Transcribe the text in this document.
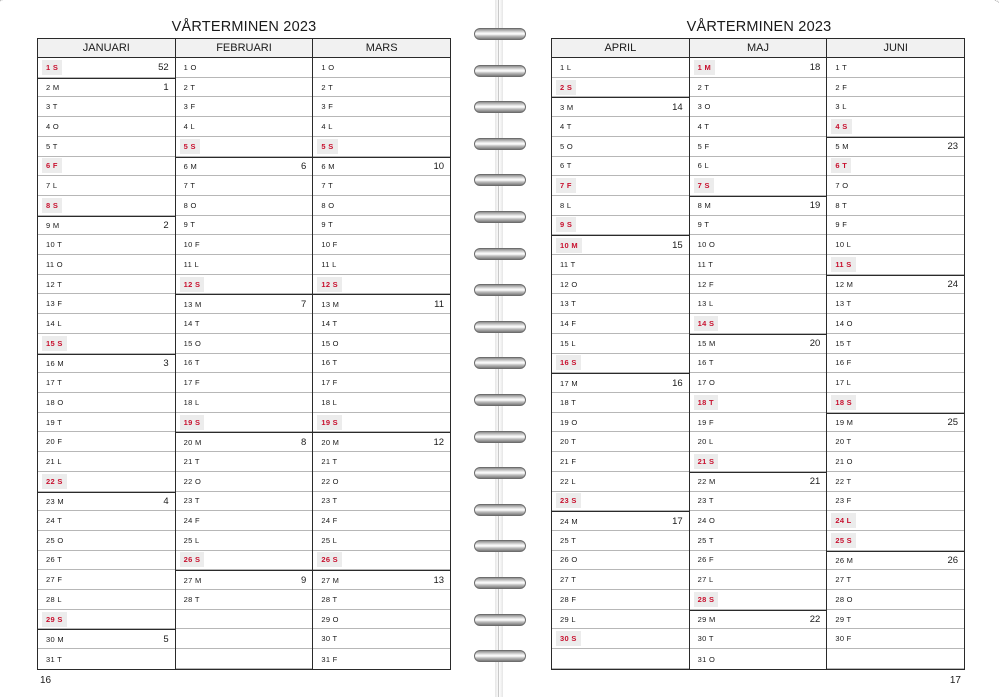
VÅRTERMINEN 2023
JANUARI
1 S	52
2 M	1
3 T
4 O
5 T
6 F
7 L
8 S
9 M	2
10 T
11 O
12 T
13 F
14 L
15 S
16 M	3
17 T
18 O
19 T
20 F
21 L
22 S
23 M	4
24 T
25 O
26 T
27 F
28 L
29 S
30 M	5
31 T
FEBRUARI
1 O
2 T
3 F
4 L
5 S
6 M	6
7 T
8 O
9 T
10 F
11 L
12 S
13 M	7
14 T
15 O
16 T
17 F
18 L
19 S
20 M	8
21 T
22 O
23 T
24 F
25 L
26 S
27 M	9
28 T
MARS
1 O
2 T
3 F
4 L
5 S
6 M	10
7 T
8 O
9 T
10 F
11 L
12 S
13 M	11
14 T
15 O
16 T
17 F
18 L
19 S
20 M	12
21 T
22 O
23 T
24 F
25 L
26 S
27 M	13
28 T
29 O
30 T
31 F
16
VÅRTERMINEN 2023
APRIL
1 L
2 S
3 M	14
4 T
5 O
6 T
7 F
8 L
9 S
10 M	15
11 T
12 O
13 T
14 F
15 L
16 S
17 M	16
18 T
19 O
20 T
21 F
22 L
23 S
24 M	17
25 T
26 O
27 T
28 F
29 L
30 S
MAJ
1 M	18
2 T
3 O
4 T
5 F
6 L
7 S
8 M	19
9 T
10 O
11 T
12 F
13 L
14 S
15 M	20
16 T
17 O
18 T
19 F
20 L
21 S
22 M	21
23 T
24 O
25 T
26 F
27 L
28 S
29 M	22
30 T
31 O
JUNI
1 T
2 F
3 L
4 S
5 M	23
6 T
7 O
8 T
9 F
10 L
11 S
12 M	24
13 T
14 O
15 T
16 F
17 L
18 S
19 M	25
20 T
21 O
22 T
23 F
24 L
25 S
26 M	26
27 T
28 O
29 T
30 F
17
